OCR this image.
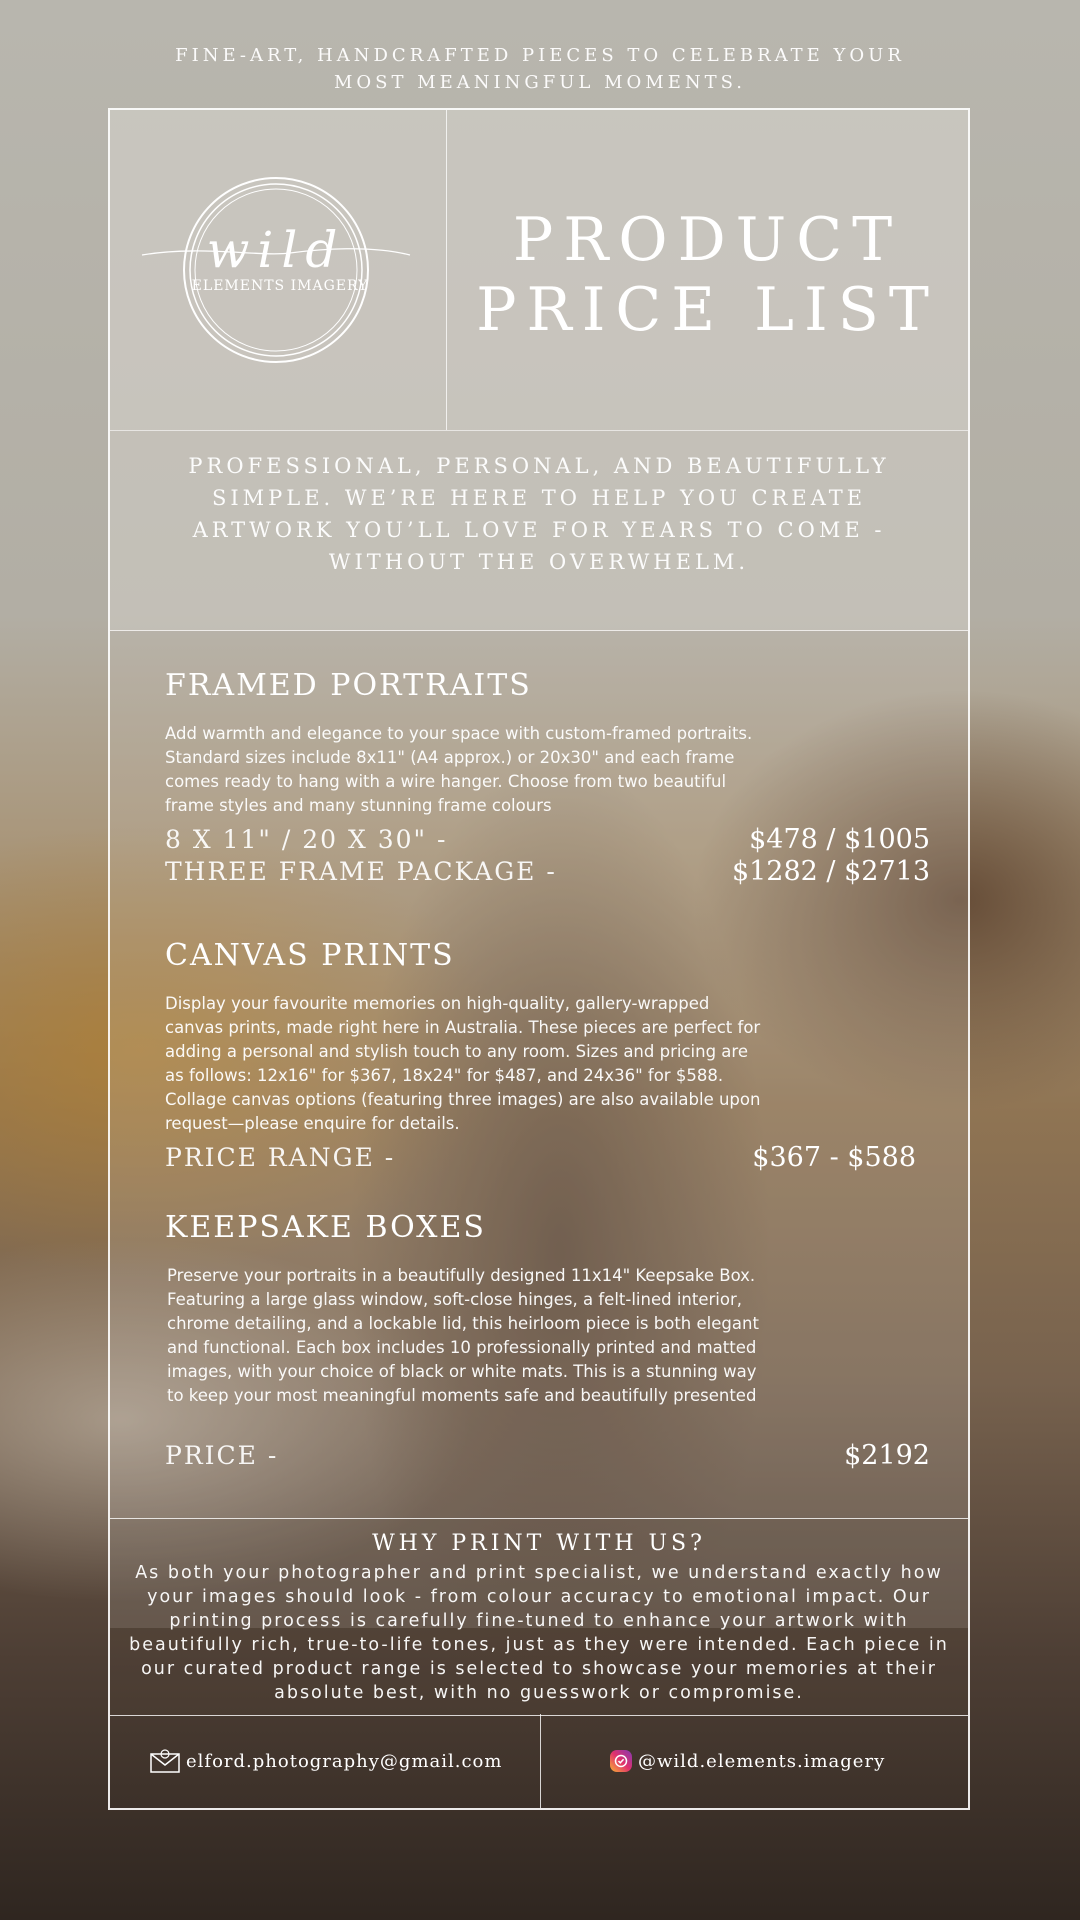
FINE-ART, HANDCRAFTED PIECES TO CELEBRATE YOUR MOST MEANINGFUL MOMENTS.
wild
ELEMENTS IMAGERY
PRODUCT
PRICE LIST

PROFESSIONAL, PERSONAL, AND BEAUTIFULLY SIMPLE. WE’RE HERE TO HELP YOU CREATE ARTWORK YOU’LL LOVE FOR YEARS TO COME - WITHOUT THE OVERWHELM.

FRAMED PORTRAITS
Add warmth and elegance to your space with custom-framed portraits. Standard sizes include 8x11" (A4 approx.) or 20x30" and each frame comes ready to hang with a wire hanger. Choose from two beautiful frame styles and many stunning frame colours
8 X 11" / 20 X 30" -	$478 / $1005
THREE FRAME PACKAGE -	$1282 / $2713
CANVAS PRINTS
Display your favourite memories on high-quality, gallery-wrapped canvas prints, made right here in Australia. These pieces are perfect for adding a personal and stylish touch to any room. Sizes and pricing are as follows: 12x16" for $367, 18x24" for $487, and 24x36" for $588. Collage canvas options (featuring three images) are also available upon request—please enquire for details.
PRICE RANGE -	$367 - $588
KEEPSAKE BOXES
Preserve your portraits in a beautifully designed 11x14" Keepsake Box. Featuring a large glass window, soft-close hinges, a felt-lined interior, chrome detailing, and a lockable lid, this heirloom piece is both elegant and functional. Each box includes 10 professionally printed and matted images, with your choice of black or white mats. This is a stunning way to keep your most meaningful moments safe and beautifully presented
PRICE -	$2192
WHY PRINT WITH US?

As both your photographer and print specialist, we understand exactly how your images should look - from colour accuracy to emotional impact. Our printing process is carefully fine-tuned to enhance your artwork with beautifully rich, true-to-life tones, just as they were intended. Each piece in our curated product range is selected to showcase your memories at their absolute best, with no guesswork or compromise.

elford.photography@gmail.com	@wild.elements.imagery
